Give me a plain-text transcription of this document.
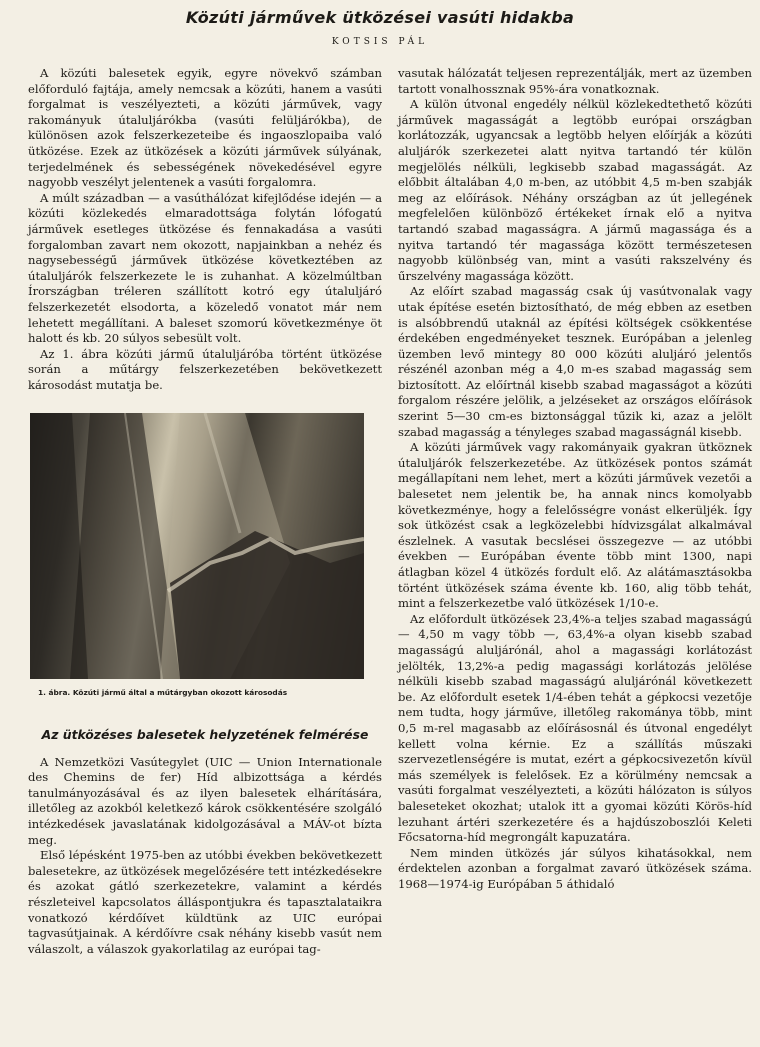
Közúti járművek ütközései vasúti hidakba
KOTSIS PÁL

A közúti balesetek egyik, egyre növekvő számban előforduló fajtája, amely nemcsak a közúti, hanem a vasúti forgalmat is veszélyezteti, a közúti járművek, vagy rakományuk útaluljárókba (vasúti felüljárókba), de különösen azok felszerkezeteibe és ingaoszlopaiba való ütközése. Ezek az ütközések a közúti járművek súlyának, terjedelmének és sebességének növekedésével egyre nagyobb veszélyt jelentenek a vasúti forgalomra.

A múlt században — a vasúthálózat kifejlődése idején — a közúti közlekedés elmaradottsága folytán lófogatú járművek esetleges ütközése és fennakadása a vasúti forgalomban zavart nem okozott, napjainkban a nehéz és nagysebességű járművek ütközése következtében az útaluljárók felszerkezete le is zuhanhat. A közelmúltban Írországban tréleren szállított kotró egy útaluljáró felszerkezetét elsodorta, a közeledő vonatot már nem lehetett megállítani. A baleset szomorú következménye öt halott és kb. 20 súlyos sebesült volt.

Az 1. ábra közúti jármű útaluljáróba történt ütközése során a műtárgy felszerkezetében bekövetkezett károsodást mutatja be.

1. ábra. Közúti jármű által a műtárgyban okozott károsodás
Az ütközéses balesetek helyzetének felmérése

A Nemzetközi Vasútegylet (UIC — Union Internationale des Chemins de fer) Híd albizottsága a kérdés tanulmányozásával és az ilyen balesetek elhárítására, illetőleg az azokból keletkező károk csökkentésére szolgáló intézkedések javaslatának kidolgozásával a MÁV-ot bízta meg.

Első lépésként 1975-ben az utóbbi években bekövetkezett balesetekre, az ütközések megelőzésére tett intézkedésekre és azokat gátló szerkezetekre, valamint a kérdés részleteivel kapcsolatos álláspontjukra és tapasztalataikra vonatkozó kérdőívet küldtünk az UIC európai tagvasútjainak. A kérdőívre csak néhány kisebb vasút nem válaszolt, a válaszok gyakorlatilag az európai tag-

vasutak hálózatát teljesen reprezentálják, mert az üzemben tartott vonalhossznak 95%-ára vonatkoznak.

A külön útvonal engedély nélkül közlekedtethető közúti járművek magasságát a legtöbb európai országban korlátozzák, ugyancsak a legtöbb helyen előírják a közúti aluljárók szerkezetei alatt nyitva tartandó tér külön megjelölés nélküli, legkisebb szabad magasságát. Az előbbit általában 4,0 m-ben, az utóbbit 4,5 m-ben szabják meg az előírások. Néhány országban az út jellegének megfelelően különböző értékeket írnak elő a nyitva tartandó szabad magasságra. A jármű magassága és a nyitva tartandó tér magassága között természetesen nagyobb különbség van, mint a vasúti rakszelvény és űrszelvény magassága között.

Az előírt szabad magasság csak új vasútvonalak vagy utak építése esetén biztosítható, de még ebben az esetben is alsóbbrendű utaknál az építési költségek csökkentése érdekében engedményeket tesznek. Európában a jelenleg üzemben levő mintegy 80 000 közúti aluljáró jelentős részénél azonban még a 4,0 m-es szabad magasság sem biztosított. Az előírtnál kisebb szabad magasságot a közúti forgalom részére jelölik, a jelzéseket az országos előírások szerint 5—30 cm-es biztonsággal tűzik ki, azaz a jelölt szabad magasság a tényleges szabad magasságnál kisebb.

A közúti járművek vagy rakományaik gyakran ütköznek útaluljárók felszerkezetébe. Az ütközések pontos számát megállapítani nem lehet, mert a közúti járművek vezetői a balesetet nem jelentik be, ha annak nincs komolyabb következménye, hogy a felelősségre vonást elkerüljék. Így sok ütközést csak a legközelebbi hídvizsgálat alkalmával észlelnek. A vasutak becslései összegezve — az utóbbi években — Európában évente több mint 1300, napi átlagban közel 4 ütközés fordult elő. Az alátámasztásokba történt ütközések száma évente kb. 160, alig több tehát, mint a felszerkezetbe való ütközések 1/10-e.

Az előfordult ütközések 23,4%-a teljes szabad magasságú — 4,50 m vagy több —, 63,4%-a olyan kisebb szabad magasságú aluljárónál, ahol a magassági korlátozást jelölték, 13,2%-a pedig magassági korlátozás jelölése nélküli kisebb szabad magasságú aluljárónál következett be. Az előfordult esetek 1/4-ében tehát a gépkocsi vezetője nem tudta, hogy járműve, illetőleg rakománya több, mint 0,5 m-rel magasabb az előírásosnál és útvonal engedélyt kellett volna kérnie. Ez a szállítás műszaki szervezetlenségére is mutat, ezért a gépkocsivezetőn kívül más személyek is felelősek. Ez a körülmény nemcsak a vasúti forgalmat veszélyezteti, a közúti hálózaton is súlyos baleseteket okozhat; utalok itt a gyomai közúti Körös-híd lezuhant ártéri szerkezetére és a hajdúszoboszlói Keleti Főcsatorna-híd megrongált kapuzatára.

Nem minden ütközés jár súlyos kihatásokkal, nem érdektelen azonban a forgalmat zavaró ütközések száma. 1968—1974-ig Európában 5 áthidaló
